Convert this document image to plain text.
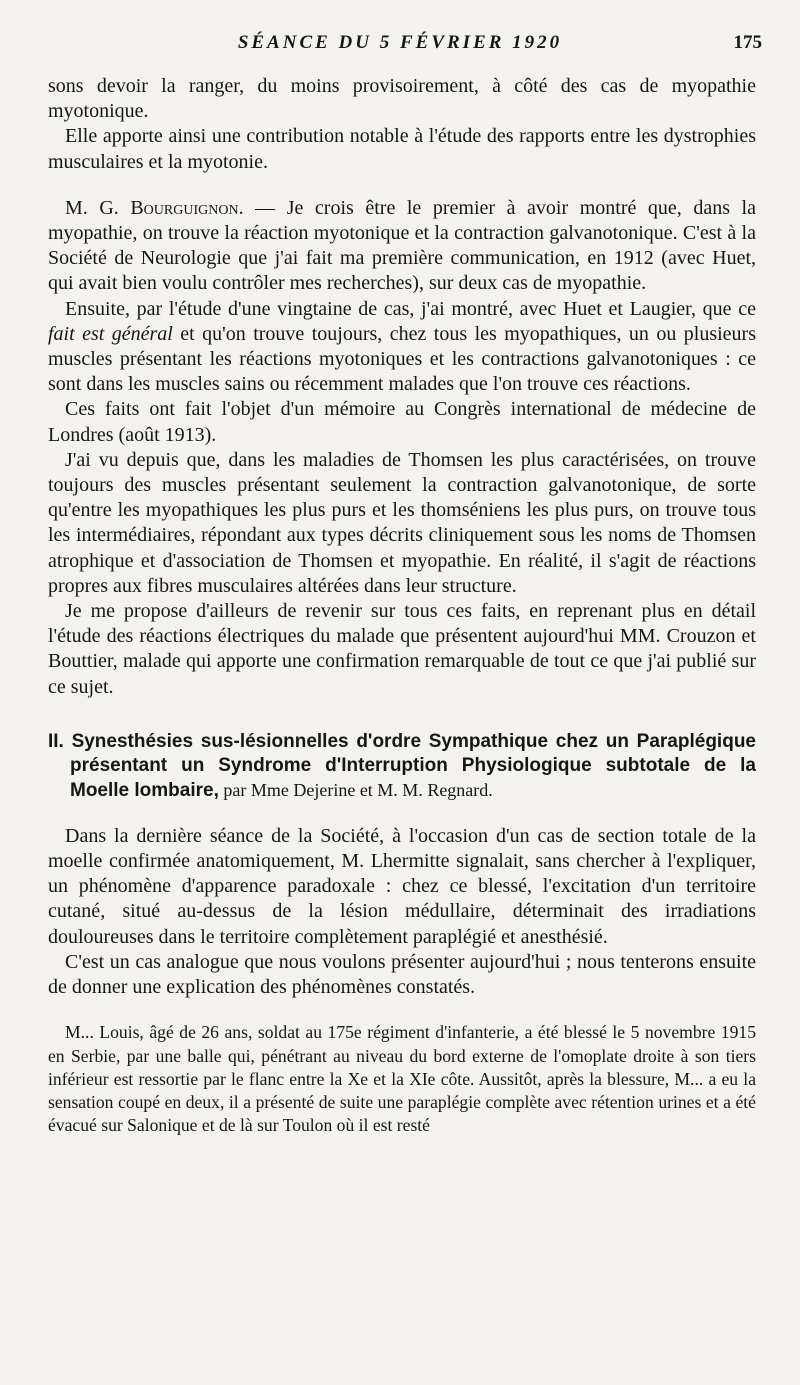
SÉANCE DU 5 FÉVRIER 1920	175

sons devoir la ranger, du moins provisoirement, à côté des cas de myopathie myotonique.

Elle apporte ainsi une contribution notable à l'étude des rapports entre les dystrophies musculaires et la myotonie.

M. G. Bourguignon. — Je crois être le premier à avoir montré que, dans la myopathie, on trouve la réaction myotonique et la contraction galvanotonique. C'est à la Société de Neurologie que j'ai fait ma première communication, en 1912 (avec Huet, qui avait bien voulu contrôler mes recherches), sur deux cas de myopathie.

Ensuite, par l'étude d'une vingtaine de cas, j'ai montré, avec Huet et Laugier, que ce fait est général et qu'on trouve toujours, chez tous les myopathiques, un ou plusieurs muscles présentant les réactions myotoniques et les contractions galvanotoniques : ce sont dans les muscles sains ou récemment malades que l'on trouve ces réactions.

Ces faits ont fait l'objet d'un mémoire au Congrès international de médecine de Londres (août 1913).

J'ai vu depuis que, dans les maladies de Thomsen les plus caractérisées, on trouve toujours des muscles présentant seulement la contraction galvanotonique, de sorte qu'entre les myopathiques les plus purs et les thomséniens les plus purs, on trouve tous les intermédiaires, répondant aux types décrits cliniquement sous les noms de Thomsen atrophique et d'association de Thomsen et myopathie. En réalité, il s'agit de réactions propres aux fibres musculaires altérées dans leur structure.

Je me propose d'ailleurs de revenir sur tous ces faits, en reprenant plus en détail l'étude des réactions électriques du malade que présentent aujourd'hui MM. Crouzon et Bouttier, malade qui apporte une confirmation remarquable de tout ce que j'ai publié sur ce sujet.

II. Synesthésies sus-lésionnelles d'ordre Sympathique chez un Paraplégique présentant un Syndrome d'Interruption Physiologique subtotale de la Moelle lombaire, par Mme Dejerine et M. M. Regnard.

Dans la dernière séance de la Société, à l'occasion d'un cas de section totale de la moelle confirmée anatomiquement, M. Lhermitte signalait, sans chercher à l'expliquer, un phénomène d'apparence paradoxale : chez ce blessé, l'excitation d'un territoire cutané, situé au-dessus de la lésion médullaire, déterminait des irradiations douloureuses dans le territoire complètement paraplégié et anesthésié.

C'est un cas analogue que nous voulons présenter aujourd'hui ; nous tenterons ensuite de donner une explication des phénomènes constatés.

M... Louis, âgé de 26 ans, soldat au 175e régiment d'infanterie, a été blessé le 5 novembre 1915 en Serbie, par une balle qui, pénétrant au niveau du bord externe de l'omoplate droite à son tiers inférieur est ressortie par le flanc entre la Xe et la XIe côte. Aussitôt, après la blessure, M... a eu la sensation coupé en deux, il a présenté de suite une paraplégie complète avec rétention urines et a été évacué sur Salonique et de là sur Toulon où il est resté
